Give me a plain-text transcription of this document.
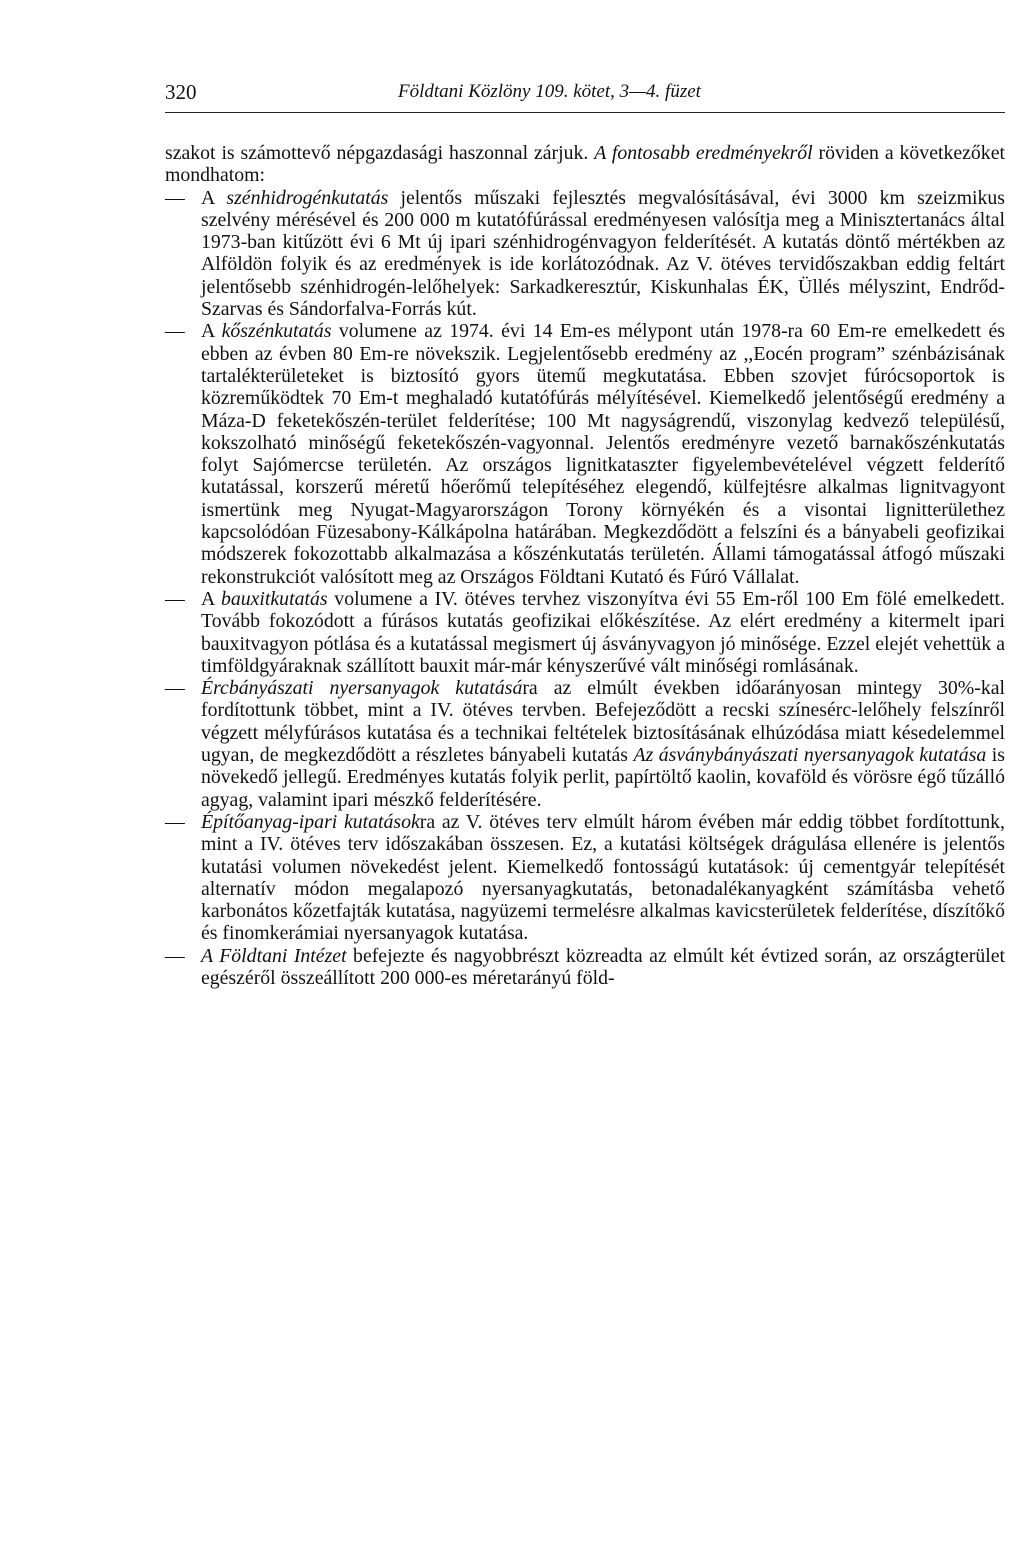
320	Földtani Közlöny 109. kötet, 3—4. füzet

szakot is számottevő népgazdasági haszonnal zárjuk. A fontosabb eredményekről röviden a következőket mondhatom:

— A szénhidrogénkutatás jelentős műszaki fejlesztés megvalósításával, évi 3000 km szeizmikus szelvény mérésével és 200 000 m kutatófúrással eredményesen valósítja meg a Minisztertanács által 1973-ban kitűzött évi 6 Mt új ipari szénhidrogénvagyon felderítését. A kutatás döntő mértékben az Alföldön folyik és az eredmények is ide korlátozódnak. Az V. ötéves tervidőszakban eddig feltárt jelentősebb szénhidrogén-lelőhelyek: Sarkadkeresztúr, Kiskunhalas ÉK, Üllés mélyszint, Endrőd-Szarvas és Sándorfalva-Forrás kút.

— A kőszénkutatás volumene az 1974. évi 14 Em-es mélypont után 1978-ra 60 Em-re emelkedett és ebben az évben 80 Em-re növekszik. Legjelentősebb eredmény az ,,Eocén program” szénbázisának tartalékterületeket is biztosító gyors ütemű megkutatása. Ebben szovjet fúrócsoportok is közreműködtek 70 Em-t meghaladó kutatófúrás mélyítésével. Kiemelkedő jelentőségű eredmény a Máza-D feketekőszén-terület felderítése; 100 Mt nagyságrendű, viszonylag kedvező településű, kokszolható minőségű feketekőszén-vagyonnal. Jelentős eredményre vezető barnakőszénkutatás folyt Sajómercse területén. Az országos lignitkataszter figyelembevételével végzett felderítő kutatással, korszerű méretű hőerőmű telepítéséhez elegendő, külfejtésre alkalmas lignitvagyont ismertünk meg Nyugat-Magyarországon Torony környékén és a visontai lignitterülethez kapcsolódóan Füzesabony-Kálkápolna határában. Megkezdődött a felszíni és a bányabeli geofizikai módszerek fokozottabb alkalmazása a kőszénkutatás területén. Állami támogatással átfogó műszaki rekonstrukciót valósított meg az Országos Földtani Kutató és Fúró Vállalat.

— A bauxitkutatás volumene a IV. ötéves tervhez viszonyítva évi 55 Em-ről 100 Em fölé emelkedett. Tovább fokozódott a fúrásos kutatás geofizikai előkészítése. Az elért eredmény a kitermelt ipari bauxitvagyon pótlása és a kutatással megismert új ásványvagyon jó minősége. Ezzel elejét vehettük a timföldgyáraknak szállított bauxit már-már kényszerűvé vált minőségi romlásának.

— Ércbányászati nyersanyagok kutatására az elmúlt években időarányosan mintegy 30%-kal fordítottunk többet, mint a IV. ötéves tervben. Befejeződött a recski színesérc-lelőhely felszínről végzett mélyfúrásos kutatása és a technikai feltételek biztosításának elhúzódása miatt késedelemmel ugyan, de megkezdődött a részletes bányabeli kutatás Az ásványbányászati nyersanyagok kutatása is növekedő jellegű. Eredményes kutatás folyik perlit, papírtöltő kaolin, kovaföld és vörösre égő tűzálló agyag, valamint ipari mészkő felderítésére.

— Építőanyag-ipari kutatásokra az V. ötéves terv elmúlt három évében már eddig többet fordítottunk, mint a IV. ötéves terv időszakában összesen. Ez, a kutatási költségek drágulása ellenére is jelentős kutatási volumen növekedést jelent. Kiemelkedő fontosságú kutatások: új cementgyár telepítését alternatív módon megalapozó nyersanyagkutatás, betonadalékanyagként számításba vehető karbonátos kőzetfajták kutatása, nagyüzemi termelésre alkalmas kavicsterületek felderítése, díszítőkő és finomkerámiai nyersanyagok kutatása.

— A Földtani Intézet befejezte és nagyobbrészt közreadta az elmúlt két évtized során, az országterület egészéről összeállított 200 000-es méretarányú föld-
